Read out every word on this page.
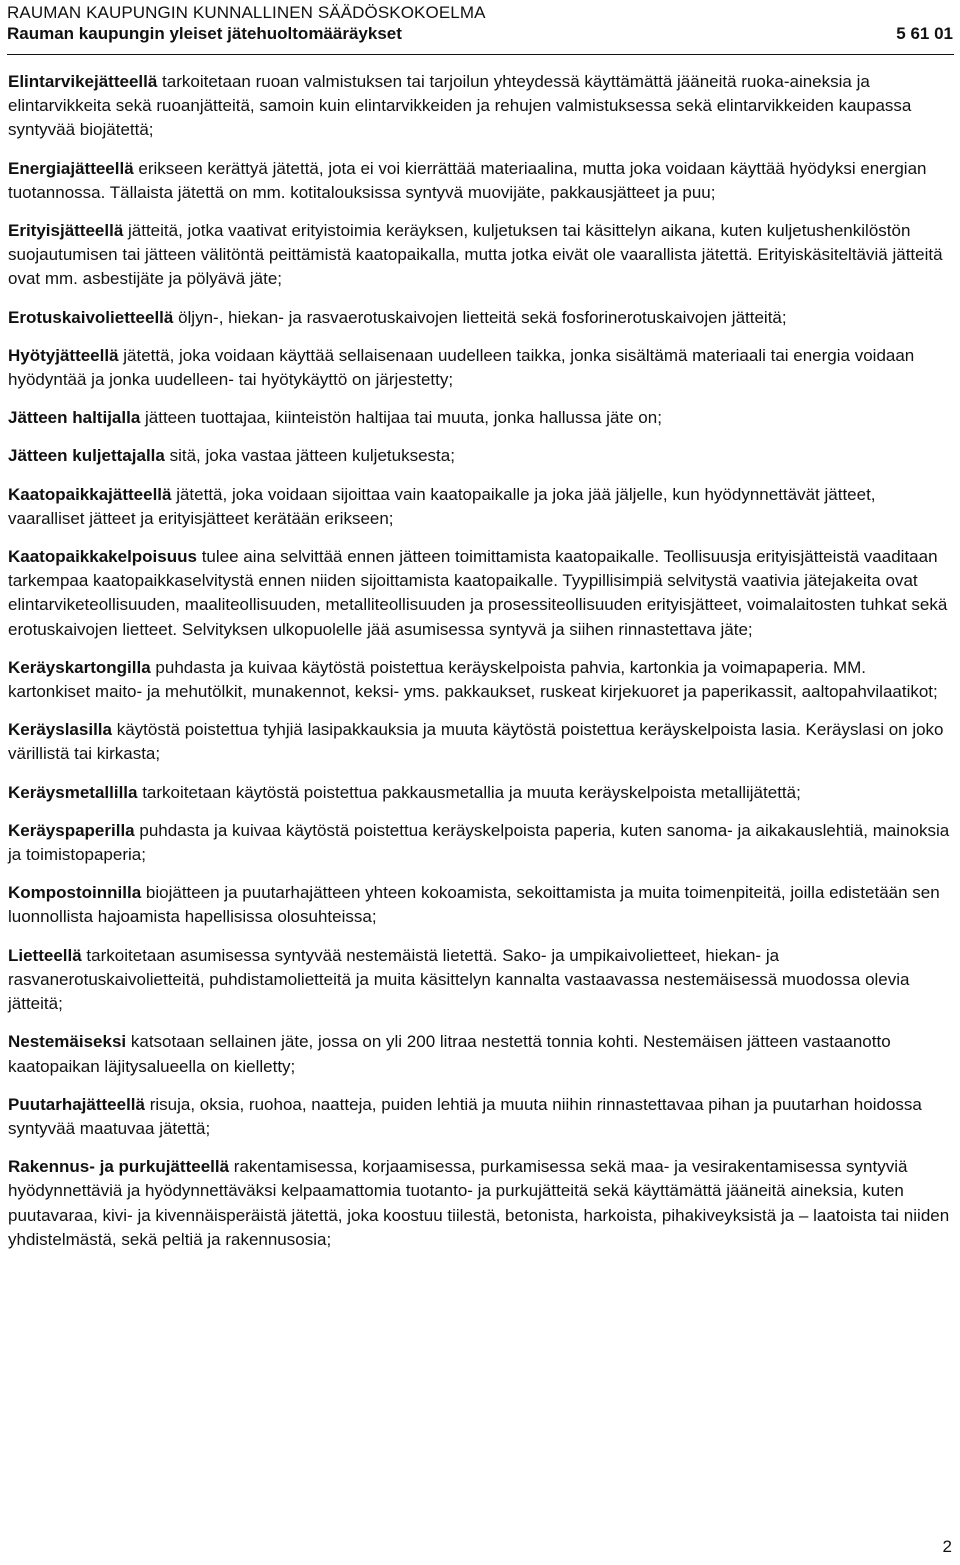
RAUMAN KAUPUNGIN KUNNALLINEN SÄÄDÖSKOKOELMA
Rauman kaupungin yleiset jätehuoltomääräykset	5 61 01

Elintarvikejätteellä tarkoitetaan ruoan valmistuksen tai tarjoilun yhteydessä käyttämättä jääneitä ruoka-aineksia ja elintarvikkeita sekä ruoanjätteitä, samoin kuin elintarvikkeiden ja rehujen valmistuksessa sekä elintarvikkeiden kaupassa syntyvää biojätettä;

Energiajätteellä erikseen kerättyä jätettä, jota ei voi kierrättää materiaalina, mutta joka voidaan käyttää hyödyksi energian tuotannossa. Tällaista jätettä on mm. kotitalouksissa syntyvä muovijäte, pakkausjätteet ja puu;

Erityisjätteellä jätteitä, jotka vaativat erityistoimia keräyksen, kuljetuksen tai käsittelyn aikana, kuten kuljetushenkilöstön suojautumisen tai jätteen välitöntä peittämistä kaatopaikalla, mutta jotka eivät ole vaarallista jätettä. Erityiskäsiteltäviä jätteitä ovat mm. asbestijäte ja pölyävä jäte;

Erotuskaivolietteellä öljyn-, hiekan- ja rasvaerotuskaivojen lietteitä sekä fosforinerotuskaivojen jätteitä;

Hyötyjätteellä jätettä, joka voidaan käyttää sellaisenaan uudelleen taikka, jonka sisältämä materiaali tai energia voidaan hyödyntää ja jonka uudelleen- tai hyötykäyttö on järjestetty;

Jätteen haltijalla jätteen tuottajaa, kiinteistön haltijaa tai muuta, jonka hallussa jäte on;

Jätteen kuljettajalla sitä, joka vastaa jätteen kuljetuksesta;

Kaatopaikkajätteellä jätettä, joka voidaan sijoittaa vain kaatopaikalle ja joka jää jäljelle, kun hyödynnettävät jätteet, vaaralliset jätteet ja erityisjätteet kerätään erikseen;

Kaatopaikkakelpoisuus tulee aina selvittää ennen jätteen toimittamista kaatopaikalle. Teollisuusja erityisjätteistä vaaditaan tarkempaa kaatopaikkaselvitystä ennen niiden sijoittamista kaatopaikalle. Tyypillisimpiä selvitystä vaativia jätejakeita ovat elintarviketeollisuuden, maaliteollisuuden, metalliteollisuuden ja prosessiteollisuuden erityisjätteet, voimalaitosten tuhkat sekä erotuskaivojen lietteet. Selvityksen ulkopuolelle jää asumisessa syntyvä ja siihen rinnastettava jäte;

Keräyskartongilla puhdasta ja kuivaa käytöstä poistettua keräyskelpoista pahvia, kartonkia ja voimapaperia. MM. kartonkiset maito- ja mehutölkit, munakennot, keksi- yms. pakkaukset, ruskeat kirjekuoret ja paperikassit, aaltopahvilaatikot;

Keräyslasilla käytöstä poistettua tyhjiä lasipakkauksia ja muuta käytöstä poistettua keräyskelpoista lasia. Keräyslasi on joko värillistä tai kirkasta;

Keräysmetallilla tarkoitetaan käytöstä poistettua pakkausmetallia ja muuta keräyskelpoista metallijätettä;

Keräyspaperilla puhdasta ja kuivaa käytöstä poistettua keräyskelpoista paperia, kuten sanoma- ja aikakauslehtiä, mainoksia ja toimistopaperia;

Kompostoinnilla biojätteen ja puutarhajätteen yhteen kokoamista, sekoittamista ja muita toimenpiteitä, joilla edistetään sen luonnollista hajoamista hapellisissa olosuhteissa;

Lietteellä tarkoitetaan asumisessa syntyvää nestemäistä lietettä. Sako- ja umpikaivolietteet, hiekan- ja rasvanerotuskaivolietteitä, puhdistamolietteitä ja muita käsittelyn kannalta vastaavassa nestemäisessä muodossa olevia jätteitä;

Nestemäiseksi katsotaan sellainen jäte, jossa on yli 200 litraa nestettä tonnia kohti. Nestemäisen jätteen vastaanotto kaatopaikan läjitysalueella on kielletty;

Puutarhajätteellä risuja, oksia, ruohoa, naatteja, puiden lehtiä ja muuta niihin rinnastettavaa pihan ja puutarhan hoidossa syntyvää maatuvaa jätettä;

Rakennus- ja purkujätteellä rakentamisessa, korjaamisessa, purkamisessa sekä maa- ja vesirakentamisessa syntyviä hyödynnettäviä ja hyödynnettäväksi kelpaamattomia tuotanto- ja purkujätteitä sekä käyttämättä jääneitä aineksia, kuten puutavaraa, kivi- ja kivennäisperäistä jätettä, joka koostuu tiilestä, betonista, harkoista, pihakiveyksistä ja – laatoista tai niiden yhdistelmästä, sekä peltiä ja rakennusosia;

2
